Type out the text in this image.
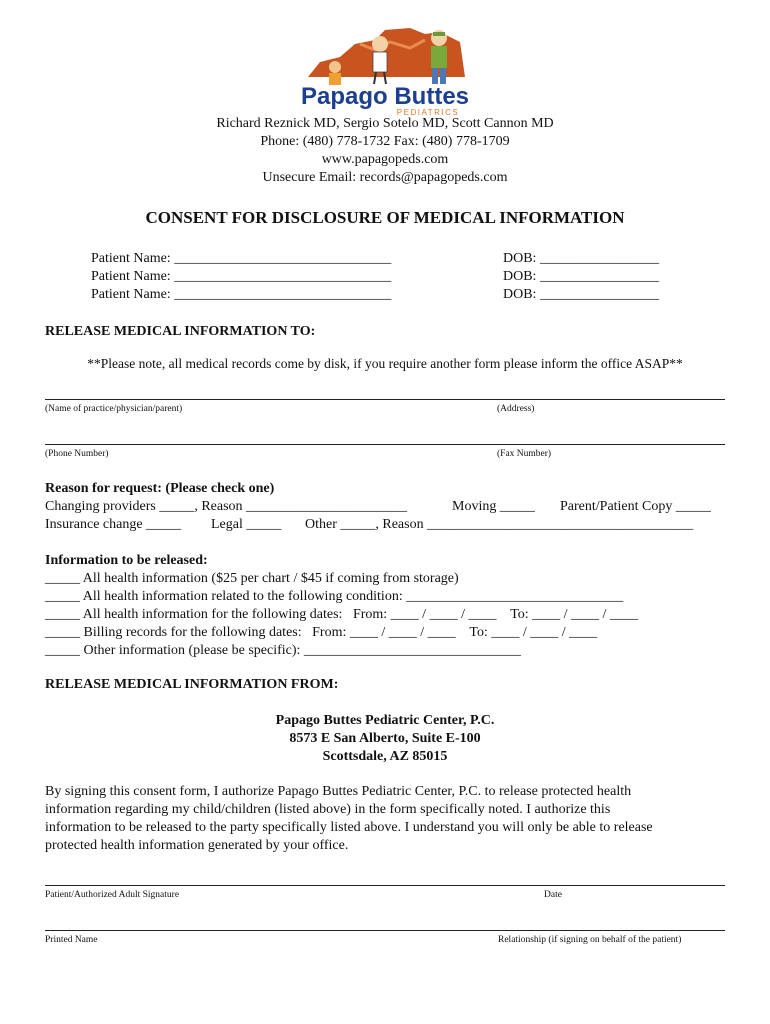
Papago Buttes
PEDIATRICS
Richard Reznick MD, Sergio Sotelo MD, Scott Cannon MD
Phone: (480) 778-1732 Fax: (480) 778-1709
www.papagopeds.com
Unsecure Email: records@papagopeds.com
CONSENT FOR DISCLOSURE OF MEDICAL INFORMATION
Patient Name: _______________________________	DOB: _________________
Patient Name: _______________________________	DOB: _________________
Patient Name: _______________________________	DOB: _________________
RELEASE MEDICAL INFORMATION TO:
**Please note, all medical records come by disk, if you require another form please inform the office ASAP**
(Name of practice/physician/parent)	(Address)
(Phone Number)	(Fax Number)
Reason for request: (Please check one)
Changing providers _____, Reason _______________________	Moving _____ Parent/Patient Copy _____
Insurance change _____ Legal _____ Other _____, Reason ______________________________________
Information to be released:
_____ All health information ($25 per chart / $45 if coming from storage)
_____ All health information related to the following condition: _______________________________
_____ All health information for the following dates:   From: ____ / ____ / ____    To: ____ / ____ / ____
_____ Billing records for the following dates:   From: ____ / ____ / ____    To: ____ / ____ / ____
_____ Other information (please be specific): _______________________________
RELEASE MEDICAL INFORMATION FROM:
Papago Buttes Pediatric Center, P.C.
8573 E San Alberto, Suite E-100
Scottsdale, AZ 85015
By signing this consent form, I authorize Papago Buttes Pediatric Center, P.C. to release protected health
information regarding my child/children (listed above) in the form specifically noted. I authorize this
information to be released to the party specifically listed above. I understand you will only be able to release
protected health information generated by your office.
Patient/Authorized Adult Signature	Date
Printed Name	Relationship (if signing on behalf of the patient)
